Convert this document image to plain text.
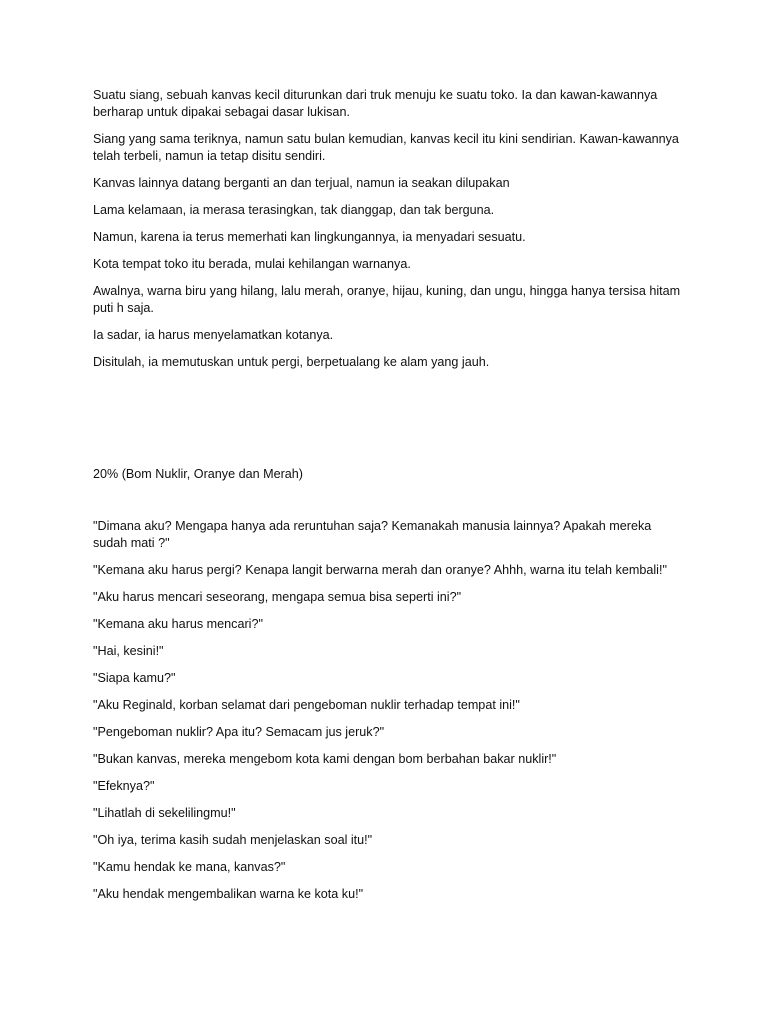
Suatu siang, sebuah kanvas kecil diturunkan dari truk menuju ke suatu toko. Ia dan kawan-kawannya berharap untuk dipakai sebagai dasar lukisan.

Siang yang sama teriknya, namun satu bulan kemudian, kanvas kecil itu kini sendirian. Kawan-kawannya telah terbeli, namun ia tetap disitu sendiri.

Kanvas lainnya datang berganti an dan terjual, namun ia seakan dilupakan

Lama kelamaan, ia merasa terasingkan, tak dianggap, dan tak berguna.

Namun, karena ia terus memerhati kan lingkungannya, ia menyadari sesuatu.

Kota tempat toko itu berada, mulai kehilangan warnanya.

Awalnya, warna biru yang hilang, lalu merah, oranye, hijau, kuning, dan ungu, hingga hanya tersisa hitam puti h saja.

Ia sadar, ia harus menyelamatkan kotanya.

Disitulah, ia memutuskan untuk pergi, berpetualang ke alam yang jauh.

20% (Bom Nuklir, Oranye dan Merah)

"Dimana aku? Mengapa hanya ada reruntuhan saja? Kemanakah manusia lainnya? Apakah mereka sudah mati ?"

"Kemana aku harus pergi? Kenapa langit berwarna merah dan oranye? Ahhh, warna itu telah kembali!"

"Aku harus mencari seseorang, mengapa semua bisa seperti ini?"

"Kemana aku harus mencari?"

"Hai, kesini!"

"Siapa kamu?"

"Aku Reginald, korban selamat dari pengeboman nuklir terhadap tempat ini!"

"Pengeboman nuklir? Apa itu? Semacam jus jeruk?"

"Bukan kanvas, mereka mengebom kota kami dengan bom berbahan bakar nuklir!"

"Efeknya?"

"Lihatlah di sekelilingmu!"

"Oh iya, terima kasih sudah menjelaskan soal itu!"

"Kamu hendak ke mana, kanvas?"

"Aku hendak mengembalikan warna ke kota ku!"
